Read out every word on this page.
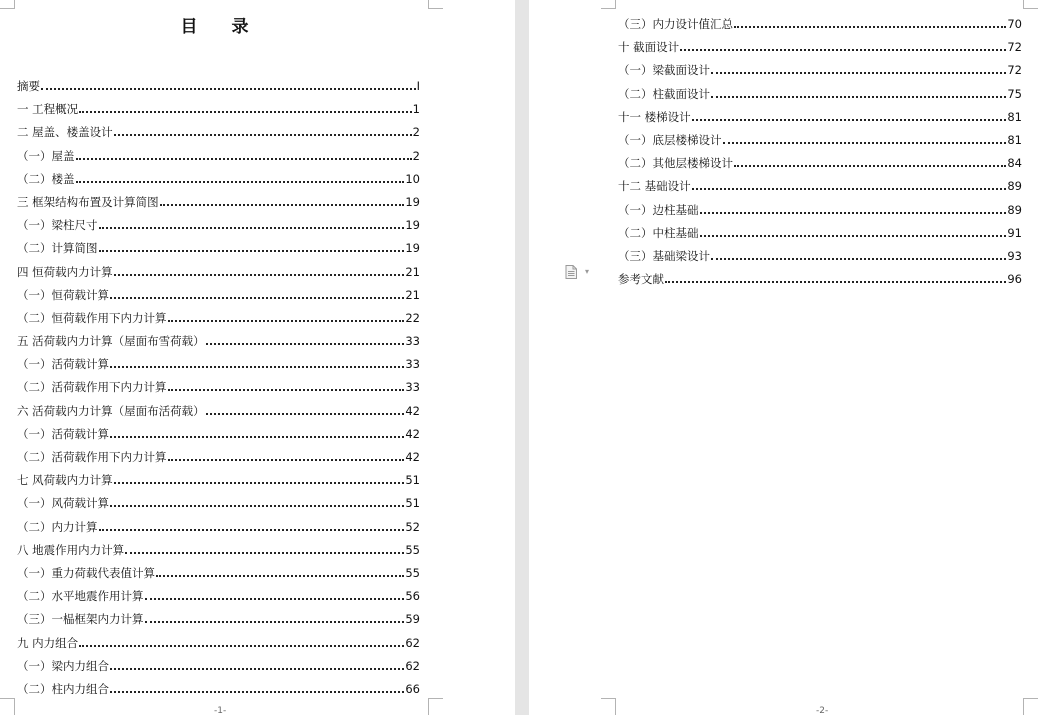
目 录
摘要	I
一 工程概况	1
二 屋盖、楼盖设计	2
（一）屋盖	2
（二）楼盖	10
三 框架结构布置及计算简图	19
（一）梁柱尺寸	19
（二）计算简图	19
四 恒荷载内力计算	21
（一）恒荷载计算	21
（二）恒荷载作用下内力计算	22
五 活荷载内力计算（屋面布雪荷载）	33
（一）活荷载计算	33
（二）活荷载作用下内力计算	33
六 活荷载内力计算（屋面布活荷载）	42
（一）活荷载计算	42
（二）活荷载作用下内力计算	42
七 风荷载内力计算	51
（一）风荷载计算	51
（二）内力计算	52
八 地震作用内力计算	55
（一）重力荷载代表值计算	55
（二）水平地震作用计算	56
（三）一榀框架内力计算	59
九 内力组合	62
（一）梁内力组合	62
（二）柱内力组合	66
-1-
▾
（三）内力设计值汇总	70
十 截面设计	72
（一）梁截面设计	72
（二）柱截面设计	75
十一 楼梯设计	81
（一）底层楼梯设计	81
（二）其他层楼梯设计	84
十二 基础设计	89
（一）边柱基础	89
（二）中柱基础	91
（三）基础梁设计	93
参考文献	96
-2-
